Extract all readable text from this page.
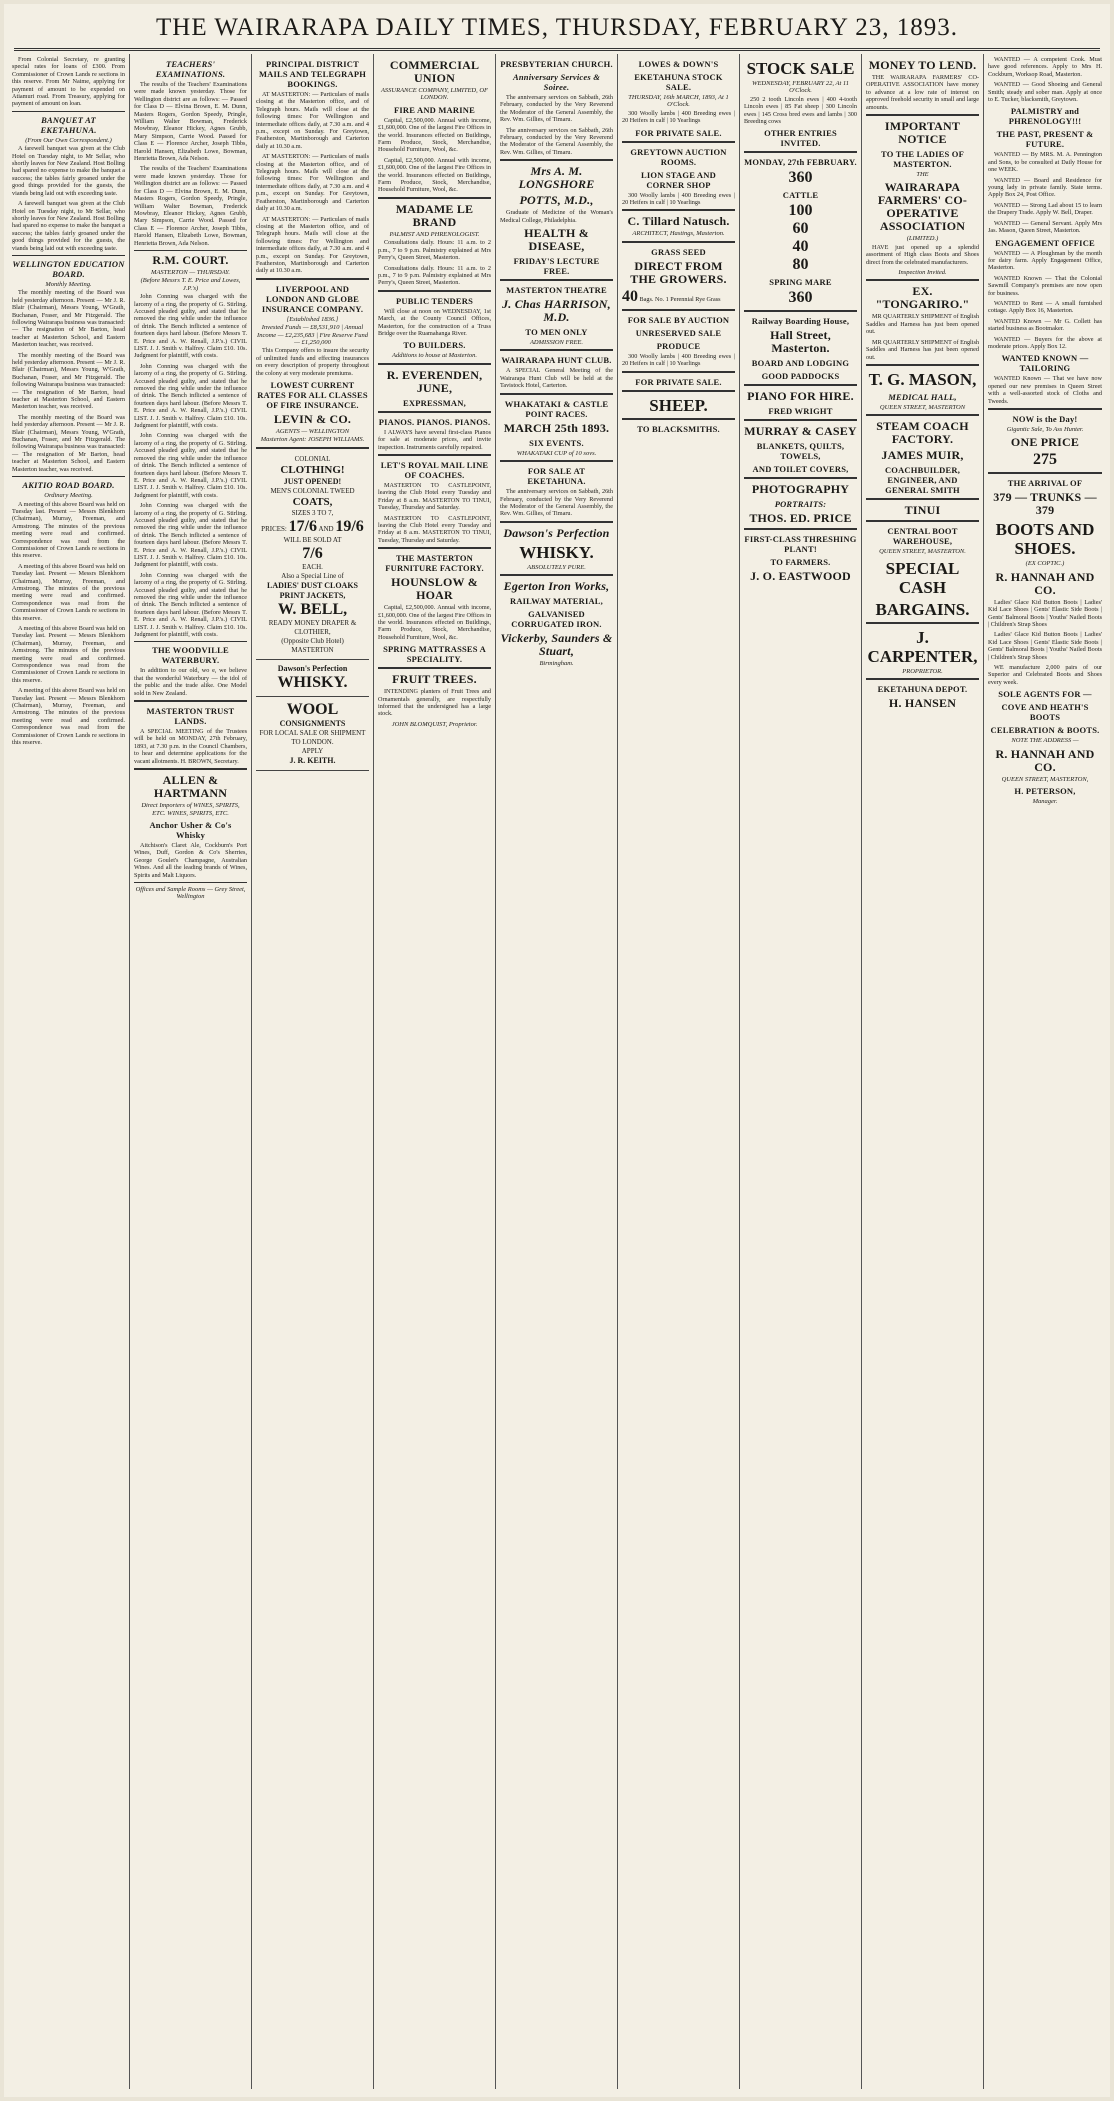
THE WAIRARAPA DAILY TIMES, THURSDAY, FEBRUARY 23, 1893.

From Colonial Secretary, re granting special rates for loans of £300. From Commissioner of Crown Lands re sections in this reserve. From Mr Naime, applying for payment of amount to be expended on Atiamuri road. From Treasury, applying for payment of amount on loan.

BANQUET AT EKETAHUNA.
(From Our Own Correspondent.)

A farewell banquet was given at the Club Hotel on Tuesday night, to Mr Sellar, who shortly leaves for New Zealand. Host Bolling had spared no expense to make the banquet a success; the tables fairly groaned under the good things provided for the guests, the viands being laid out with exceeding taste.

A farewell banquet was given at the Club Hotel on Tuesday night, to Mr Sellar, who shortly leaves for New Zealand. Host Bolling had spared no expense to make the banquet a success; the tables fairly groaned under the good things provided for the guests, the viands being laid out with exceeding taste.

WELLINGTON EDUCATION BOARD.
Monthly Meeting.

The monthly meeting of the Board was held yesterday afternoon. Present — Mr J. R. Blair (Chairman), Messrs Young, W'Grath, Buchanan, Fraser, and Mr Fitzgerald. The following Wairarapa business was transacted: — The resignation of Mr Barton, head teacher at Masterton School, and Eastern Masterton teacher, was received.

The monthly meeting of the Board was held yesterday afternoon. Present — Mr J. R. Blair (Chairman), Messrs Young, W'Grath, Buchanan, Fraser, and Mr Fitzgerald. The following Wairarapa business was transacted: — The resignation of Mr Barton, head teacher at Masterton School, and Eastern Masterton teacher, was received.

The monthly meeting of the Board was held yesterday afternoon. Present — Mr J. R. Blair (Chairman), Messrs Young, W'Grath, Buchanan, Fraser, and Mr Fitzgerald. The following Wairarapa business was transacted: — The resignation of Mr Barton, head teacher at Masterton School, and Eastern Masterton teacher, was received.

AKITIO ROAD BOARD.
Ordinary Meeting.

A meeting of this above Board was held on Tuesday last. Present — Messrs Blenkhorn (Chairman), Murray, Freeman, and Armstrong. The minutes of the previous meeting were read and confirmed. Correspondence was read from the Commissioner of Crown Lands re sections in this reserve.

A meeting of this above Board was held on Tuesday last. Present — Messrs Blenkhorn (Chairman), Murray, Freeman, and Armstrong. The minutes of the previous meeting were read and confirmed. Correspondence was read from the Commissioner of Crown Lands re sections in this reserve.

A meeting of this above Board was held on Tuesday last. Present — Messrs Blenkhorn (Chairman), Murray, Freeman, and Armstrong. The minutes of the previous meeting were read and confirmed. Correspondence was read from the Commissioner of Crown Lands re sections in this reserve.

A meeting of this above Board was held on Tuesday last. Present — Messrs Blenkhorn (Chairman), Murray, Freeman, and Armstrong. The minutes of the previous meeting were read and confirmed. Correspondence was read from the Commissioner of Crown Lands re sections in this reserve.

TEACHERS' EXAMINATIONS.

The results of the Teachers' Examinations were made known yesterday. Those for Wellington district are as follows: — Passed for Class D — Elvina Brown, E. M. Dunn, Masters Rogers, Gordon Speedy, Pringle, William Walter Bowman, Frederick Mowbray, Eleanor Hickey, Agnes Grubb, Mary Simpson, Carrie Wood. Passed for Class E — Florence Archer, Joseph Tibbs, Harold Hansen, Elizabeth Lowe, Bowman, Henrietta Brown, Ada Nelson.

The results of the Teachers' Examinations were made known yesterday. Those for Wellington district are as follows: — Passed for Class D — Elvina Brown, E. M. Dunn, Masters Rogers, Gordon Speedy, Pringle, William Walter Bowman, Frederick Mowbray, Eleanor Hickey, Agnes Grubb, Mary Simpson, Carrie Wood. Passed for Class E — Florence Archer, Joseph Tibbs, Harold Hansen, Elizabeth Lowe, Bowman, Henrietta Brown, Ada Nelson.

R.M. COURT.
MASTERTON — THURSDAY.
(Before Messrs T. E. Price and Lowes, J.P.'s)

John Conning was charged with the larceny of a ring, the property of G. Stirling. Accused pleaded guilty, and stated that he removed the ring while under the influence of drink. The Bench inflicted a sentence of fourteen days hard labour. (Before Messrs T. E. Price and A. W. Renall, J.P.'s.) CIVIL LIST. J. J. Smith v. Halfrey. Claim £10. 10s. Judgment for plaintiff, with costs.

John Conning was charged with the larceny of a ring, the property of G. Stirling. Accused pleaded guilty, and stated that he removed the ring while under the influence of drink. The Bench inflicted a sentence of fourteen days hard labour. (Before Messrs T. E. Price and A. W. Renall, J.P.'s.) CIVIL LIST. J. J. Smith v. Halfrey. Claim £10. 10s. Judgment for plaintiff, with costs.

John Conning was charged with the larceny of a ring, the property of G. Stirling. Accused pleaded guilty, and stated that he removed the ring while under the influence of drink. The Bench inflicted a sentence of fourteen days hard labour. (Before Messrs T. E. Price and A. W. Renall, J.P.'s.) CIVIL LIST. J. J. Smith v. Halfrey. Claim £10. 10s. Judgment for plaintiff, with costs.

John Conning was charged with the larceny of a ring, the property of G. Stirling. Accused pleaded guilty, and stated that he removed the ring while under the influence of drink. The Bench inflicted a sentence of fourteen days hard labour. (Before Messrs T. E. Price and A. W. Renall, J.P.'s.) CIVIL LIST. J. J. Smith v. Halfrey. Claim £10. 10s. Judgment for plaintiff, with costs.

John Conning was charged with the larceny of a ring, the property of G. Stirling. Accused pleaded guilty, and stated that he removed the ring while under the influence of drink. The Bench inflicted a sentence of fourteen days hard labour. (Before Messrs T. E. Price and A. W. Renall, J.P.'s.) CIVIL LIST. J. J. Smith v. Halfrey. Claim £10. 10s. Judgment for plaintiff, with costs.

THE WOODVILLE WATERBURY.

In addition to our old, wo e, we believe that the wonderful Waterbury — the idol of the public and the trade alike. One Model sold in New Zealand.

MASTERTON TRUST LANDS.

A SPECIAL MEETING of the Trustees will be held on MONDAY, 27th February, 1893, at 7.30 p.m. in the Council Chambers, to hear and determine applications for the vacant allotments. H. BROWN, Secretary.

ALLEN & HARTMANN
Direct Importers of WINES, SPIRITS, ETC. WINES, SPIRITS, ETC.
Anchor Usher & Co's Whisky

Aitchison's Claret Ale, Cockburn's Port Wines, Duff, Gordon & Co's Sherries, George Goulet's Champagne, Australian Wines. And all the leading brands of Wines, Spirits and Malt Liquors.

Offices and Sample Rooms — Grey Street, Wellington
PRINCIPAL DISTRICT MAILS AND TELEGRAPH BOOKINGS.

AT MASTERTON: — Particulars of mails closing at the Masterton office, and of Telegraph hours. Mails will close at the following times: For Wellington and intermediate offices daily, at 7.30 a.m. and 4 p.m., except on Sunday. For Greytown, Featherston, Martinborough and Carterton daily at 10.30 a.m.

AT MASTERTON: — Particulars of mails closing at the Masterton office, and of Telegraph hours. Mails will close at the following times: For Wellington and intermediate offices daily, at 7.30 a.m. and 4 p.m., except on Sunday. For Greytown, Featherston, Martinborough and Carterton daily at 10.30 a.m.

AT MASTERTON: — Particulars of mails closing at the Masterton office, and of Telegraph hours. Mails will close at the following times: For Wellington and intermediate offices daily, at 7.30 a.m. and 4 p.m., except on Sunday. For Greytown, Featherston, Martinborough and Carterton daily at 10.30 a.m.

LIVERPOOL AND LONDON AND GLOBE INSURANCE COMPANY.
[Established 1836.]
Invested Funds — £8,531,910 | Annual Income — £2,235,683 | Fire Reserve Fund — £1,250,000

This Company offers to insure the security of unlimited funds and effecting insurances on every description of property throughout the colony at very moderate premiums.

LOWEST CURRENT RATES FOR ALL CLASSES OF FIRE INSURANCE.
LEVIN & CO.
AGENTS — WELLINGTON
Masterton Agent: JOSEPH WILLIAMS.
COLONIAL
CLOTHING!
JUST OPENED!
MEN'S COLONIAL TWEED
COATS,
SIZES 3 TO 7,
PRICES: 17/6 AND 19/6
WILL BE SOLD AT
7/6
EACH.
Also a Special Line of
LADIES' DUST CLOAKS
PRINT JACKETS,
W. BELL,
READY MONEY DRAPER & CLOTHIER,
(Opposite Club Hotel)
MASTERTON
Dawson's Perfection
WHISKY.
WOOL
CONSIGNMENTS
FOR LOCAL SALE OR SHIPMENT TO LONDON.
APPLY
J. R. KEITH.
COMMERCIAL UNION
ASSURANCE COMPANY, LIMITED, OF LONDON.
FIRE AND MARINE

Capital, £2,500,000. Annual with income, £1,600,000. One of the largest Fire Offices in the world. Insurances effected on Buildings, Farm Produce, Stock, Merchandise, Household Furniture, Wool, &c.

Capital, £2,500,000. Annual with income, £1,600,000. One of the largest Fire Offices in the world. Insurances effected on Buildings, Farm Produce, Stock, Merchandise, Household Furniture, Wool, &c.

MADAME LE BRAND
PALMIST AND PHRENOLOGIST.

Consultations daily. Hours: 11 a.m. to 2 p.m., 7 to 9 p.m. Palmistry explained at Mrs Perry's, Queen Street, Masterton.

Consultations daily. Hours: 11 a.m. to 2 p.m., 7 to 9 p.m. Palmistry explained at Mrs Perry's, Queen Street, Masterton.

PUBLIC TENDERS

Will close at noon on WEDNESDAY, 1st March, at the County Council Offices, Masterton, for the construction of a Truss Bridge over the Ruamahanga River.

TO BUILDERS.
Additions to house at Masterton.
R. EVERENDEN, JUNE,
EXPRESSMAN,
PIANOS. PIANOS. PIANOS.

I ALWAYS have several first-class Pianos for sale at moderate prices, and invite inspection. Instruments carefully repaired.

LET'S ROYAL MAIL LINE OF COACHES.

MASTERTON TO CASTLEPOINT, leaving the Club Hotel every Tuesday and Friday at 8 a.m. MASTERTON TO TINUI, Tuesday, Thursday and Saturday.

MASTERTON TO CASTLEPOINT, leaving the Club Hotel every Tuesday and Friday at 8 a.m. MASTERTON TO TINUI, Tuesday, Thursday and Saturday.

THE MASTERTON FURNITURE FACTORY.
HOUNSLOW & HOAR

Capital, £2,500,000. Annual with income, £1,600,000. One of the largest Fire Offices in the world. Insurances effected on Buildings, Farm Produce, Stock, Merchandise, Household Furniture, Wool, &c.

SPRING MATTRASSES A SPECIALITY.
FRUIT TREES.

INTENDING planters of Fruit Trees and Ornamentals generally, are respectfully informed that the undersigned has a large stock.

JOHN BLOMQUIST, Proprietor.
PRESBYTERIAN CHURCH.
Anniversary Services & Soiree.

The anniversary services on Sabbath, 26th February, conducted by the Very Reverend the Moderator of the General Assembly, the Rev. Wm. Gillies, of Timaru.

The anniversary services on Sabbath, 26th February, conducted by the Very Reverend the Moderator of the General Assembly, the Rev. Wm. Gillies, of Timaru.

Mrs A. M. LONGSHORE
POTTS, M.D.,

Graduate of Medicine of the Woman's Medical College, Philadelphia.

HEALTH & DISEASE,
FRIDAY'S LECTURE FREE.
MASTERTON THEATRE
J. Chas HARRISON, M.D.
TO MEN ONLY
ADMISSION FREE.
WAIRARAPA HUNT CLUB.

A SPECIAL General Meeting of the Wairarapa Hunt Club will be held at the Tavistock Hotel, Carterton.

WHAKATAKI & CASTLE POINT RACES.
MARCH 25th 1893.
SIX EVENTS.
WHAKATAKI CUP of 10 sovs.
FOR SALE AT EKETAHUNA.

The anniversary services on Sabbath, 26th February, conducted by the Very Reverend the Moderator of the General Assembly, the Rev. Wm. Gillies, of Timaru.

Dawson's Perfection
WHISKY.
ABSOLUTELY PURE.
Egerton Iron Works,
RAILWAY MATERIAL,
GALVANISED CORRUGATED IRON.
Vickerby, Saunders & Stuart,
Birmingham.
LOWES & DOWN'S
EKETAHUNA STOCK SALE.
THURSDAY, 16th MARCH, 1893, At 1 O'Clock.

300 Woolly lambs | 400 Breeding ewes | 20 Heifers in calf | 10 Yearlings

FOR PRIVATE SALE.
GREYTOWN AUCTION ROOMS.
LION STAGE AND CORNER SHOP

300 Woolly lambs | 400 Breeding ewes | 20 Heifers in calf | 10 Yearlings

C. Tillard Natusch.
ARCHITECT, Hastings, Masterton.
GRASS SEED
DIRECT FROM THE GROWERS.
40 Bags. No. 1 Perennial Rye Grass
FOR SALE BY AUCTION
UNRESERVED SALE
PRODUCE

300 Woolly lambs | 400 Breeding ewes | 20 Heifers in calf | 10 Yearlings

FOR PRIVATE SALE.
SHEEP.
TO BLACKSMITHS.
STOCK SALE
WEDNESDAY, FEBRUARY 22, At 11 O'Clock.

250 2 tooth Lincoln ewes | 400 4-tooth Lincoln ewes | 85 Fat sheep | 300 Lincoln ewes | 145 Cross bred ewes and lambs | 300 Breeding cows

OTHER ENTRIES INVITED.
MONDAY, 27th FEBRUARY.
360
CATTLE
100
60
40
80
SPRING MARE
360
Railway Boarding House,
Hall Street, Masterton.
BOARD AND LODGING
GOOD PADDOCKS
PIANO FOR HIRE.
FRED WRIGHT
MURRAY & CASEY
BLANKETS, QUILTS, TOWELS,
AND TOILET COVERS,
PHOTOGRAPHY
PORTRAITS:
THOS. ED. PRICE
FIRST-CLASS THRESHING PLANT!
TO FARMERS.
J. O. EASTWOOD
MONEY TO LEND.

THE WAIRARAPA FARMERS' CO-OPERATIVE ASSOCIATION have money to advance at a low rate of interest on approved freehold security in small and large amounts.

IMPORTANT NOTICE
TO THE LADIES OF MASTERTON.
THE
WAIRARAPA FARMERS' CO-OPERATIVE ASSOCIATION
(LIMITED.)

HAVE just opened up a splendid assortment of High class Boots and Shoes direct from the celebrated manufacturers.

Inspection Invited.
EX. "TONGARIRO."

MR QUARTERLY SHIPMENT of English Saddles and Harness has just been opened out.

MR QUARTERLY SHIPMENT of English Saddles and Harness has just been opened out.

T. G. MASON,
MEDICAL HALL,
QUEEN STREET, MASTERTON
STEAM COACH FACTORY.
JAMES MUIR,
COACHBUILDER, ENGINEER, AND GENERAL SMITH
TINUI
CENTRAL BOOT WAREHOUSE,
QUEEN STREET, MASTERTON.
SPECIAL CASH
BARGAINS.
J. CARPENTER,
PROPRIETOR.
EKETAHUNA DEPOT.
H. HANSEN

WANTED — A competent Cook. Must have good references. Apply to Mrs H. Cockburn, Worksop Road, Masterton.

WANTED — Good Shoeing and General Smith; steady and sober man. Apply at once to E. Tucker, blacksmith, Greytown.

PALMISTRY and PHRENOLOGY!!!
THE PAST, PRESENT & FUTURE.

WANTED — By MRS. M. A. Pennington and Sons, to be consulted at Daily House for one WEEK.

WANTED — Board and Residence for young lady in private family. State terms. Apply Box 24, Post Office.

WANTED — Strong Lad about 15 to learn the Drapery Trade. Apply W. Bell, Draper.

WANTED — General Servant. Apply Mrs Jas. Mason, Queen Street, Masterton.

ENGAGEMENT OFFICE

WANTED — A Ploughman by the month for dairy farm. Apply Engagement Office, Masterton.

WANTED Known — That the Colonial Sawmill Company's premises are now open for business.

WANTED to Rent — A small furnished cottage. Apply Box 16, Masterton.

WANTED Known — Mr G. Collett has started business as Bootmaker.

WANTED — Buyers for the above at moderate prices. Apply Box 12.

WANTED KNOWN — TAILORING

WANTED Known — That we have now opened our new premises in Queen Street with a well-assorted stock of Cloths and Tweeds.

NOW is the Day!
Gigantic Sale, To Ass Hunter.
ONE PRICE
275
THE ARRIVAL OF
379 — TRUNKS — 379
BOOTS AND SHOES.
(EX COPTIC.)
R. HANNAH AND CO.

Ladies' Glace Kid Button Boots | Ladies' Kid Lace Shoes | Gents' Elastic Side Boots | Gents' Balmoral Boots | Youths' Nailed Boots | Children's Strap Shoes

Ladies' Glace Kid Button Boots | Ladies' Kid Lace Shoes | Gents' Elastic Side Boots | Gents' Balmoral Boots | Youths' Nailed Boots | Children's Strap Shoes

WE manufacture 2,000 pairs of our Superior and Celebrated Boots and Shoes every week.

SOLE AGENTS FOR —
COVE AND HEATH'S BOOTS
CELEBRATION & BOOTS.
NOTE THE ADDRESS —
R. HANNAH AND CO.
QUEEN STREET, MASTERTON,
H. PETERSON,
Manager.
